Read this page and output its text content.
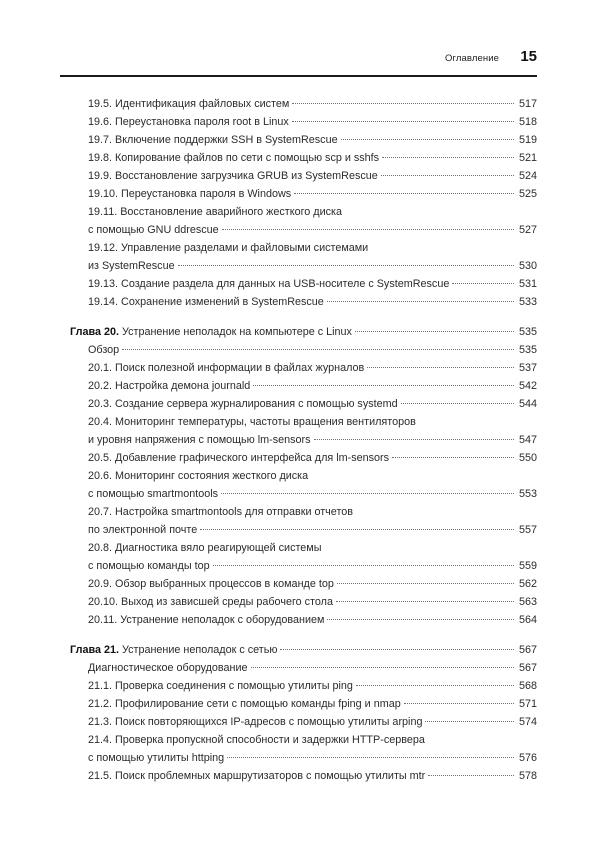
Оглавление 15
19.5. Идентификация файловых систем	517
19.6. Переустановка пароля root в Linux	518
19.7. Включение поддержки SSH в SystemRescue	519
19.8. Копирование файлов по сети с помощью scp и sshfs	521
19.9. Восстановление загрузчика GRUB из SystemRescue	524
19.10. Переустановка пароля в Windows	525
19.11. Восстановление аварийного жесткого диска
с помощью GNU ddrescue	527
19.12. Управление разделами и файловыми системами
из SystemRescue	530
19.13. Создание раздела для данных на USB-носителе с SystemRescue	531
19.14. Сохранение изменений в SystemRescue	533
Глава 20. Устранение неполадок на компьютере с Linux	535
Обзор	535
20.1. Поиск полезной информации в файлах журналов	537
20.2. Настройка демона journald	542
20.3. Создание сервера журналирования с помощью systemd	544
20.4. Мониторинг температуры, частоты вращения вентиляторов
и уровня напряжения с помощью lm-sensors	547
20.5. Добавление графического интерфейса для lm-sensors	550
20.6. Мониторинг состояния жесткого диска
с помощью smartmontools	553
20.7. Настройка smartmontools для отправки отчетов
по электронной почте	557
20.8. Диагностика вяло реагирующей системы
с помощью команды top	559
20.9. Обзор выбранных процессов в команде top	562
20.10. Выход из зависшей среды рабочего стола	563
20.11. Устранение неполадок с оборудованием	564
Глава 21. Устранение неполадок с сетью	567
Диагностическое оборудование	567
21.1. Проверка соединения с помощью утилиты ping	568
21.2. Профилирование сети с помощью команды fping и nmap	571
21.3. Поиск повторяющихся IP-адресов с помощью утилиты arping	574
21.4. Проверка пропускной способности и задержки HTTP-сервера
с помощью утилиты httping	576
21.5. Поиск проблемных маршрутизаторов с помощью утилиты mtr	578
